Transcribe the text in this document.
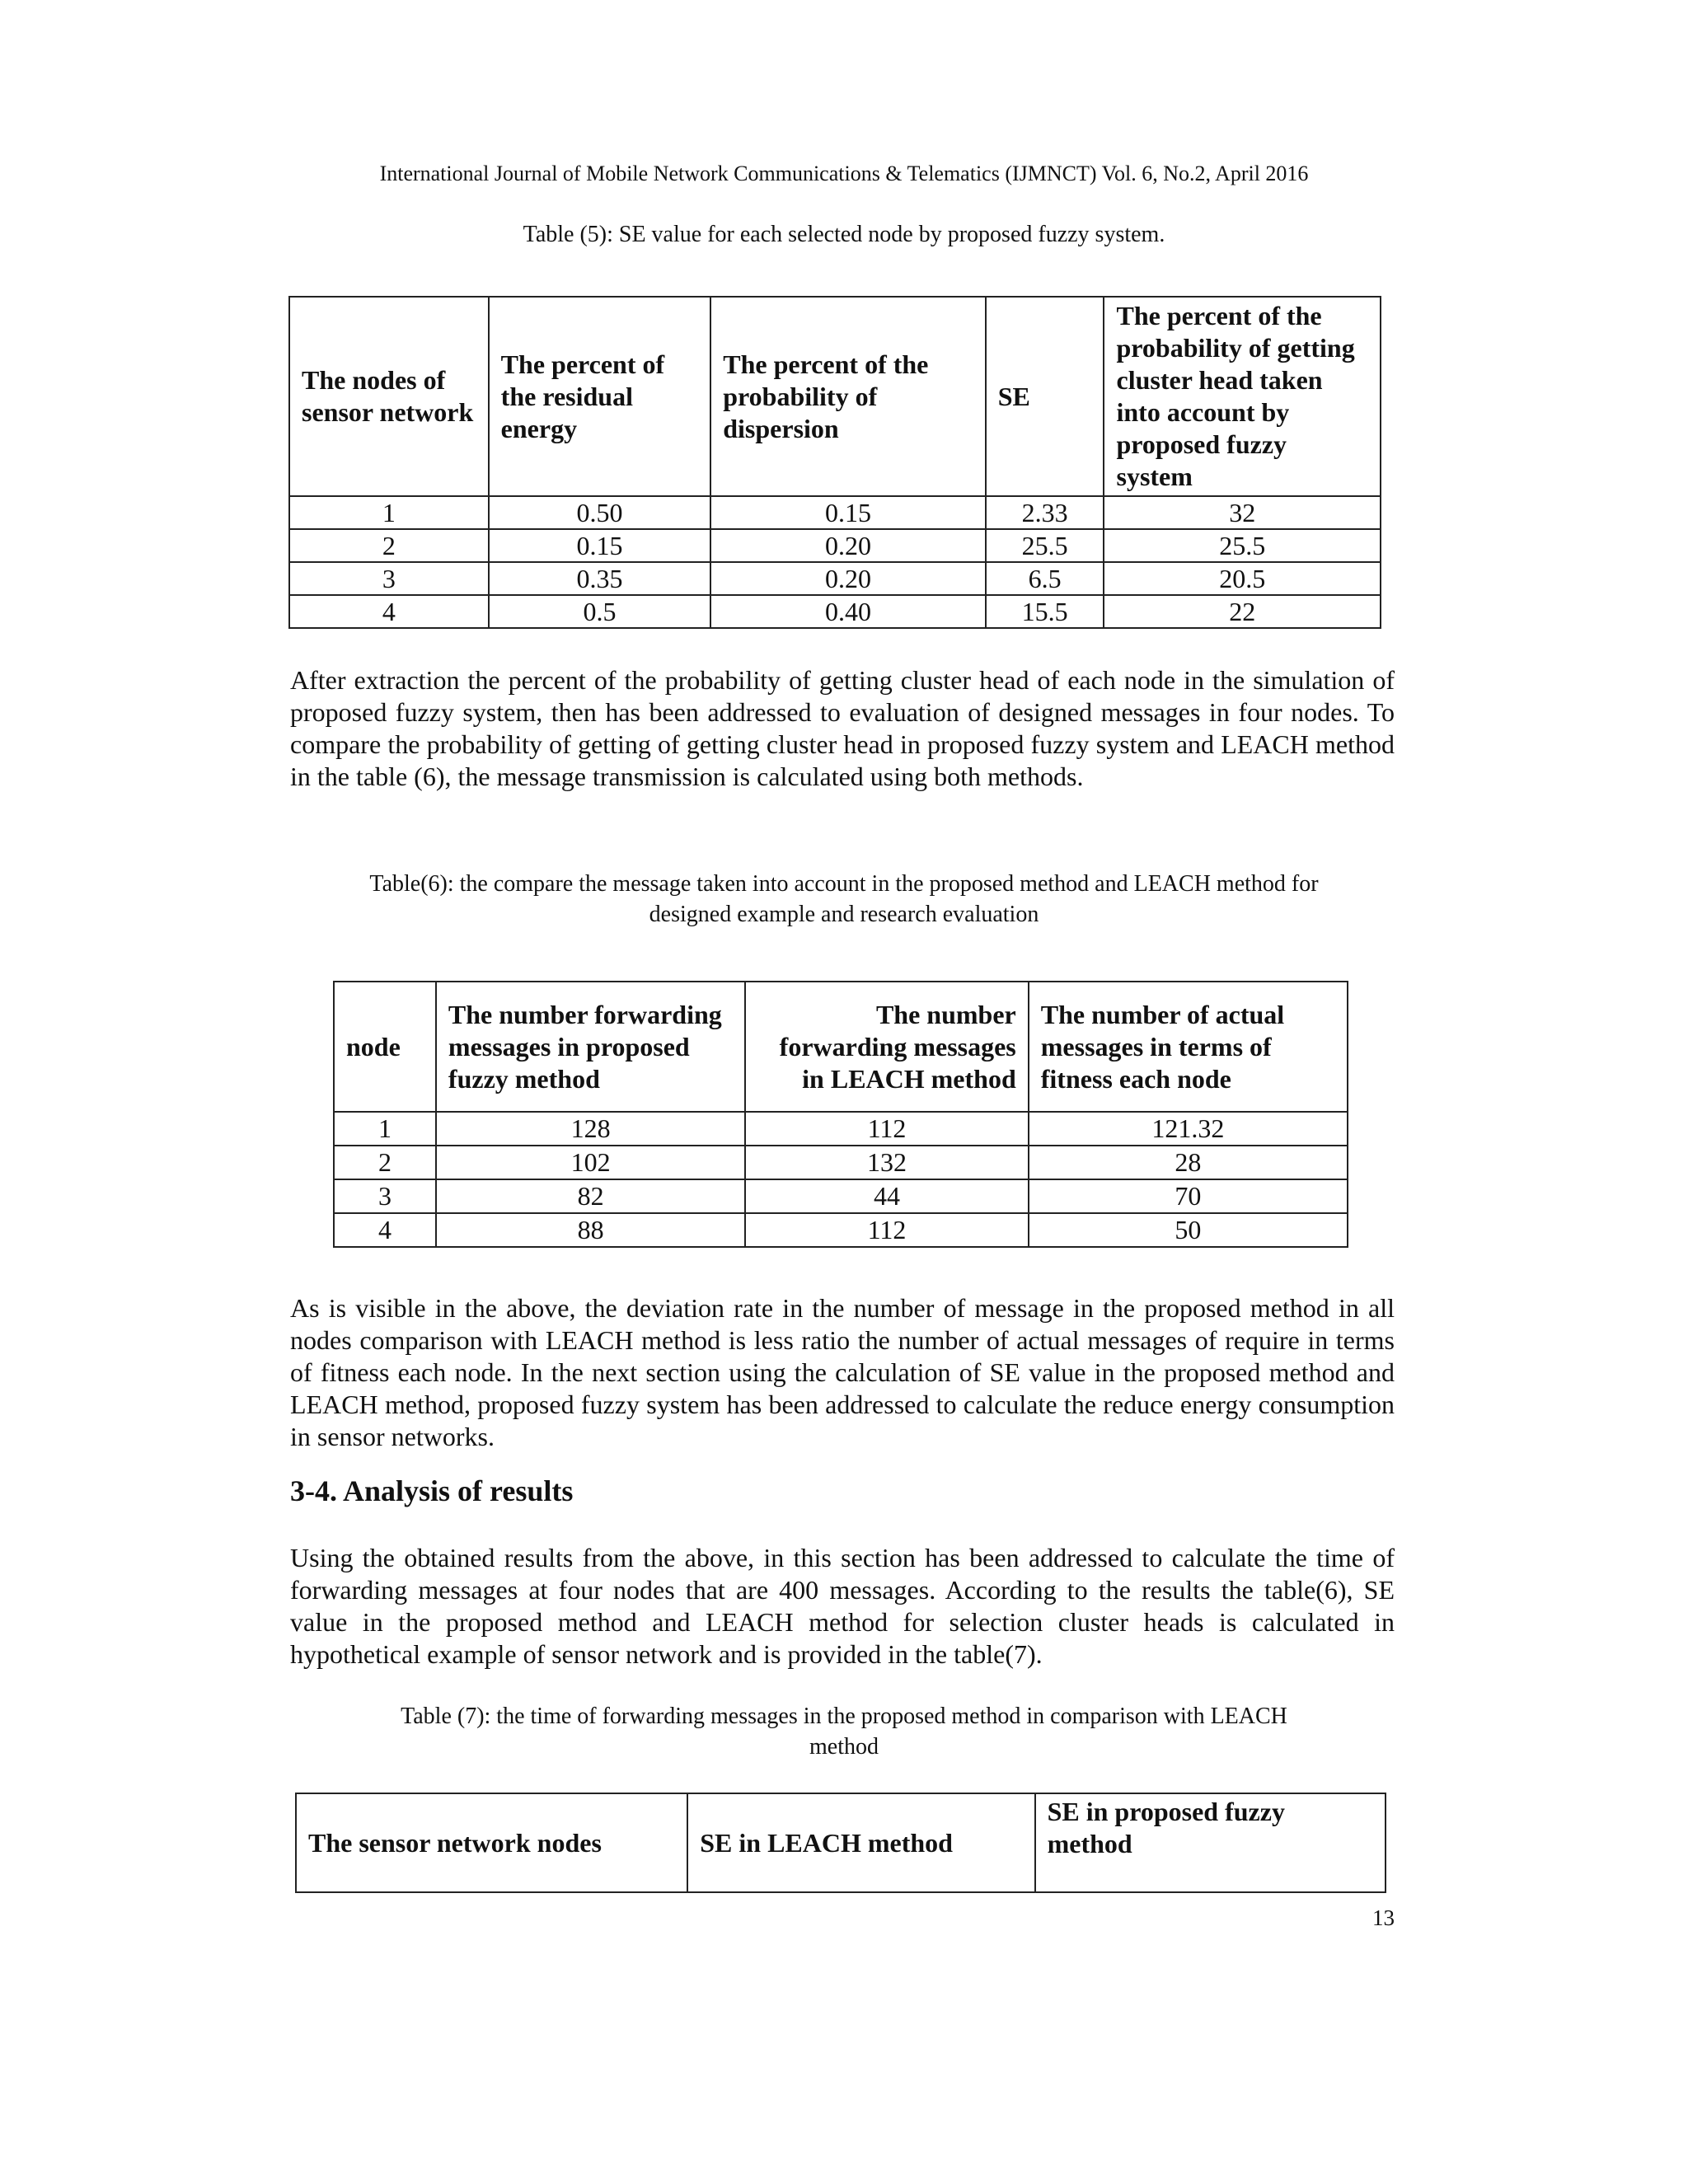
International Journal of Mobile Network Communications & Telematics (IJMNCT) Vol. 6, No.2, April 2016
Table (5): SE value for each selected node by proposed fuzzy system.
The nodes of sensor network	The percent of the residual energy	The percent of the probability of dispersion	SE	The percent of the probability of getting cluster head taken into account by proposed fuzzy system
1	0.50	0.15	2.33	32
2	0.15	0.20	25.5	25.5
3	0.35	0.20	6.5	20.5
4	0.5	0.40	15.5	22
After extraction the percent of the probability of getting cluster head of each node in the simulation of proposed fuzzy system, then has been addressed to evaluation of designed messages in four nodes. To compare the probability of getting of getting cluster head in proposed fuzzy system and LEACH method in the table (6), the message transmission is calculated using both methods.
Table(6): the compare the message taken into account in the proposed method and LEACH method for
designed example and research evaluation
node	The number forwarding messages in proposed fuzzy method	The number forwarding messages in LEACH method	The number of actual messages in terms of fitness each node
1	128	112	121.32
2	102	132	28
3	82	44	70
4	88	112	50
As is visible in the above, the deviation rate in the number of message in the proposed method in all nodes comparison with LEACH method is less ratio the number of actual messages of require in terms of fitness each node. In the next section using the calculation of SE value in the proposed method and LEACH method, proposed fuzzy system has been addressed to calculate the reduce energy consumption in sensor networks.
3-4. Analysis of results
Using the obtained results from the above, in this section has been addressed to calculate the time of forwarding messages at four nodes that are 400 messages. According to the results the table(6), SE value in the proposed method and LEACH method for selection cluster heads is calculated in hypothetical example of sensor network and is provided in the table(7).
Table (7): the time of forwarding messages in the proposed method in comparison with LEACH
method
The sensor network nodes	SE in LEACH method	SE in proposed fuzzy method
13
